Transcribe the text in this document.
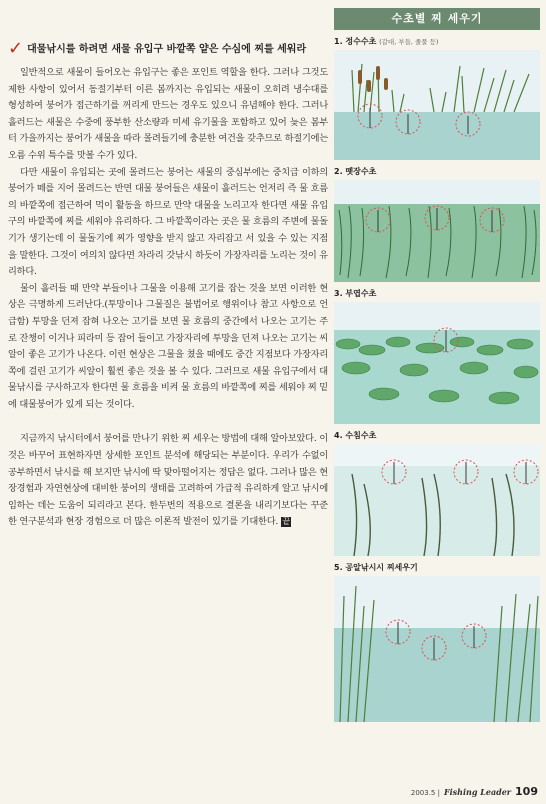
✓ 대물낚시를 하려면 새물 유입구 바깥쪽 얕은 수심에 찌를 세워라

일반적으로 새물이 들어오는 유입구는 좋은 포인트 역할을 한다. 그러나 그것도 제한 사항이 있어서 동절기부터 이른 봄까지는 유입되는 새물이 오히려 냉수대를 형성하여 붕어가 접근하기를 꺼리게 만드는 경우도 있으니 유념해야 한다. 그러나 흘러드는 새물은 수중에 풍부한 산소량과 미세 유기물을 포함하고 있어 늦은 봄부터 가을까지는 붕어가 새물을 따라 몰려들기에 충분한 여건을 갖추므로 하절기에는 오름 수위 특수를 맛볼 수가 있다.

다만 새물이 유입되는 곳에 몰려드는 붕어는 새물의 중심부에는 중치급 이하의 붕어가 떼를 지어 몰려드는 반면 대물 붕어들은 새물이 흘러드는 언저리 즉 물 흐름의 바깥쪽에 접근하여 먹이 활동을 하므로 만약 대물을 노리고자 한다면 새물 유입구의 바깥쪽에 찌를 세워야 유리하다. 그 바깥쪽이라는 곳은 물 흐름의 주변에 물돌기가 생기는데 이 물돌기에 찌가 영향을 받지 않고 자리잡고 서 있을 수 있는 지점을 말한다. 그것이 여의치 않다면 차라리 갓낚시 하듯이 가장자리를 노리는 것이 유리하다.

물이 흘러들 때 만약 부들이나 그물을 이용해 고기를 잡는 것을 보면 이러한 현상은 극명하게 드러난다.(투망이나 그물질은 불법어로 행위이나 참고 사항으로 언급함) 투망을 던져 잡혀 나오는 고기를 보면 물 흐름의 중간에서 나오는 고기는 주로 잔챙이 이거나 피라미 등 잡어 들이고 가장자리에 투망을 던져 나오는 고기는 씨알이 좋은 고기가 나온다. 이런 현상은 그물을 쳤을 때에도 중간 지점보다 가장자리 쪽에 걸린 고기가 씨알이 훨씬 좋은 것을 볼 수 있다. 그러므로 새물 유입구에서 대물낚시를 구사하고자 한다면 물 흐름을 비켜 물 흐름의 바깥쪽에 찌를 세워야 찌 밑에 대물붕어가 있게 되는 것이다.

지금까지 낚시터에서 붕어를 만나기 위한 찌 세우는 방법에 대해 알아보았다. 이것은 바꾸어 표현하자면 상세한 포인트 분석에 해당되는 부분이다. 우리가 수없이 공부하면서 낚시를 해 보지만 낚시에 딱 맞아떨어지는 정답은 없다. 그러나 많은 현장경험과 자연현상에 대비한 붕어의 생태를 고려하여 가급적 유리하게 알고 낚시에 임하는 데는 도움이 되리라고 본다. 한두번의 적용으로 결론을 내리기보다는 꾸준한 연구분석과 현장 경험으로 더 많은 이론적 발전이 있기를 기대한다. 끝

수초별 찌 세우기
1. 정수수초 (갈대, 부들, 줄풀 등)
2. 뗏장수초
3. 부엽수초
4. 수침수초
5. 공알낚시시 찌세우기
2003.5 | Fishing Leader 109
